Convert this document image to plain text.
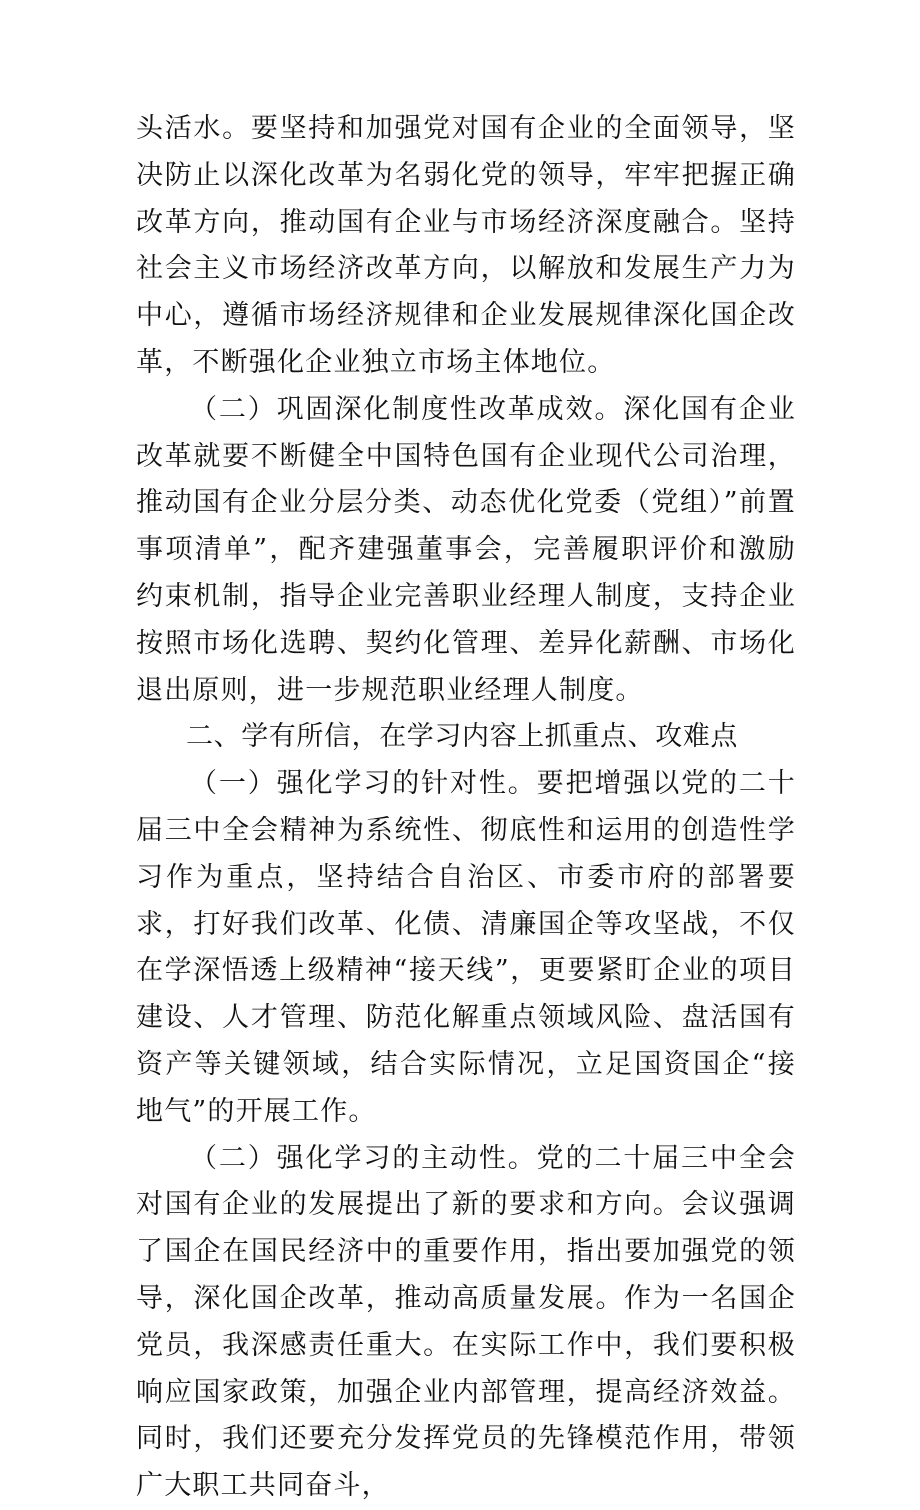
头活水。要坚持和加强党对国有企业的全面领导，坚决防止以深化改革为名弱化党的领导，牢牢把握正确改革方向，推动国有企业与市场经济深度融合。坚持社会主义市场经济改革方向，以解放和发展生产力为中心，遵循市场经济规律和企业发展规律深化国企改革，不断强化企业独立市场主体地位。

（二）巩固深化制度性改革成效。深化国有企业改革就要不断健全中国特色国有企业现代公司治理，推动国有企业分层分类、动态优化党委（党组）”前置事项清单”，配齐建强董事会，完善履职评价和激励约束机制，指导企业完善职业经理人制度，支持企业按照市场化选聘、契约化管理、差异化薪酬、市场化退出原则，进一步规范职业经理人制度。

二、学有所信，在学习内容上抓重点、攻难点

（一）强化学习的针对性。要把增强以党的二十届三中全会精神为系统性、彻底性和运用的创造性学习作为重点，坚持结合自治区、市委市府的部署要求，打好我们改革、化债、清廉国企等攻坚战，不仅在学深悟透上级精神“接天线”，更要紧盯企业的项目建设、人才管理、防范化解重点领域风险、盘活国有资产等关键领域，结合实际情况，立足国资国企“接地气”的开展工作。

（二）强化学习的主动性。党的二十届三中全会对国有企业的发展提出了新的要求和方向。会议强调了国企在国民经济中的重要作用，指出要加强党的领导，深化国企改革，推动高质量发展。作为一名国企党员，我深感责任重大。在实际工作中，我们要积极响应国家政策，加强企业内部管理，提高经济效益。同时，我们还要充分发挥党员的先锋模范作用，带领广大职工共同奋斗，
